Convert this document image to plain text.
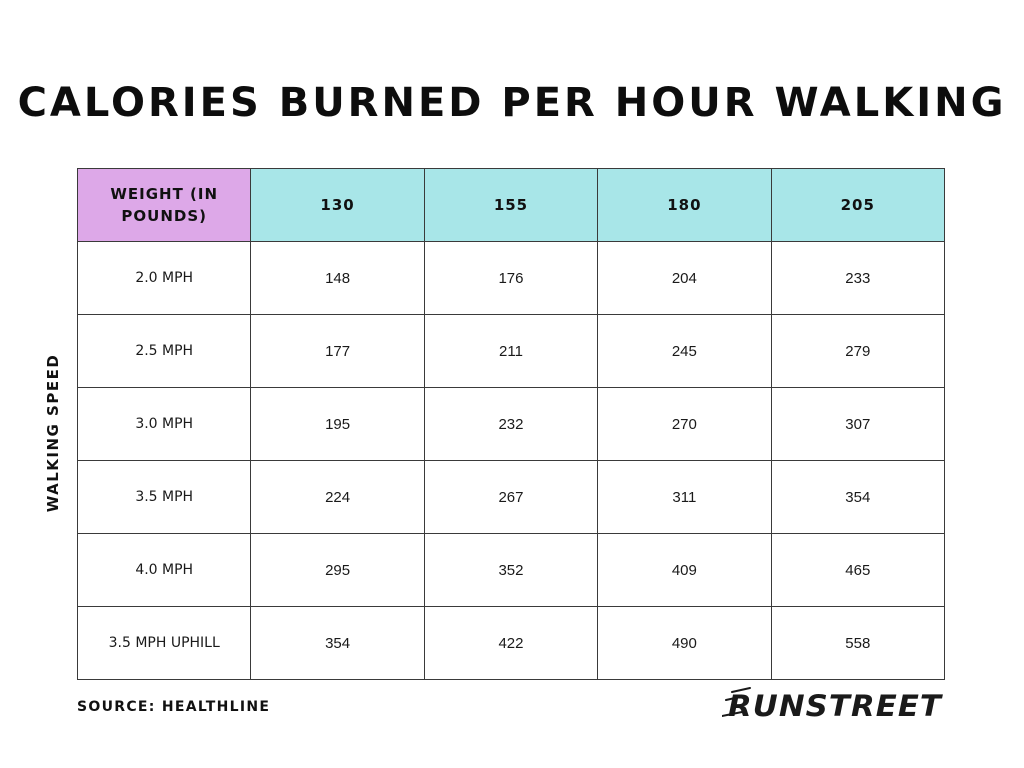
CALORIES BURNED PER HOUR WALKING
WALKING SPEED
WEIGHT (IN POUNDS)	130	155	180	205
2.0 MPH	148	176	204	233
2.5 MPH	177	211	245	279
3.0 MPH	195	232	270	307
3.5 MPH	224	267	311	354
4.0 MPH	295	352	409	465
3.5 MPH UPHILL	354	422	490	558
SOURCE: HEALTHLINE	RUNSTREET
